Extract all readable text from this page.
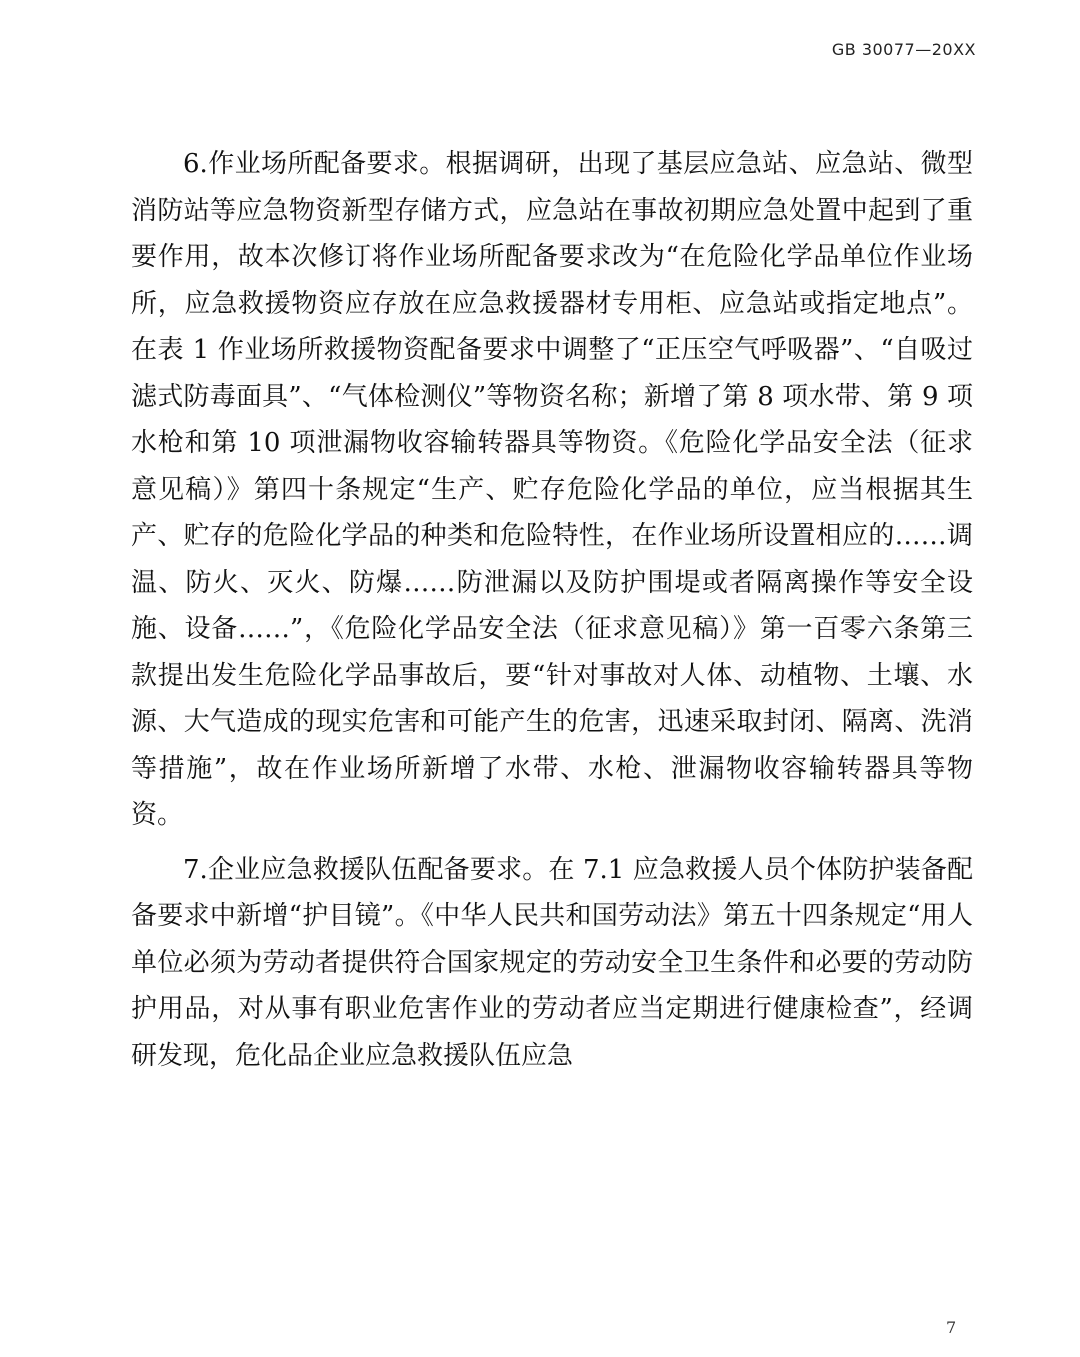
GB 30077—20XX

6.作业场所配备要求。根据调研，出现了基层应急站、应急站、微型消防站等应急物资新型存储方式，应急站在事故初期应急处置中起到了重要作用，故本次修订将作业场所配备要求改为“在危险化学品单位作业场所，应急救援物资应存放在应急救援器材专用柜、应急站或指定地点”。在表 1 作业场所救援物资配备要求中调整了“正压空气呼吸器”、“自吸过滤式防毒面具”、“气体检测仪”等物资名称；新增了第 8 项水带、第 9 项水枪和第 10 项泄漏物收容输转器具等物资。《危险化学品安全法（征求意见稿）》第四十条规定“生产、贮存危险化学品的单位，应当根据其生产、贮存的危险化学品的种类和危险特性，在作业场所设置相应的……调温、防火、灭火、防爆……防泄漏以及防护围堤或者隔离操作等安全设施、设备……”，《危险化学品安全法（征求意见稿）》第一百零六条第三款提出发生危险化学品事故后，要“针对事故对人体、动植物、土壤、水源、大气造成的现实危害和可能产生的危害，迅速采取封闭、隔离、洗消等措施”，故在作业场所新增了水带、水枪、泄漏物收容输转器具等物资。

7.企业应急救援队伍配备要求。在 7.1 应急救援人员个体防护装备配备要求中新增“护目镜”。《中华人民共和国劳动法》第五十四条规定“用人单位必须为劳动者提供符合国家规定的劳动安全卫生条件和必要的劳动防护用品，对从事有职业危害作业的劳动者应当定期进行健康检查”，经调研发现，危化品企业应急救援队伍应急

7
